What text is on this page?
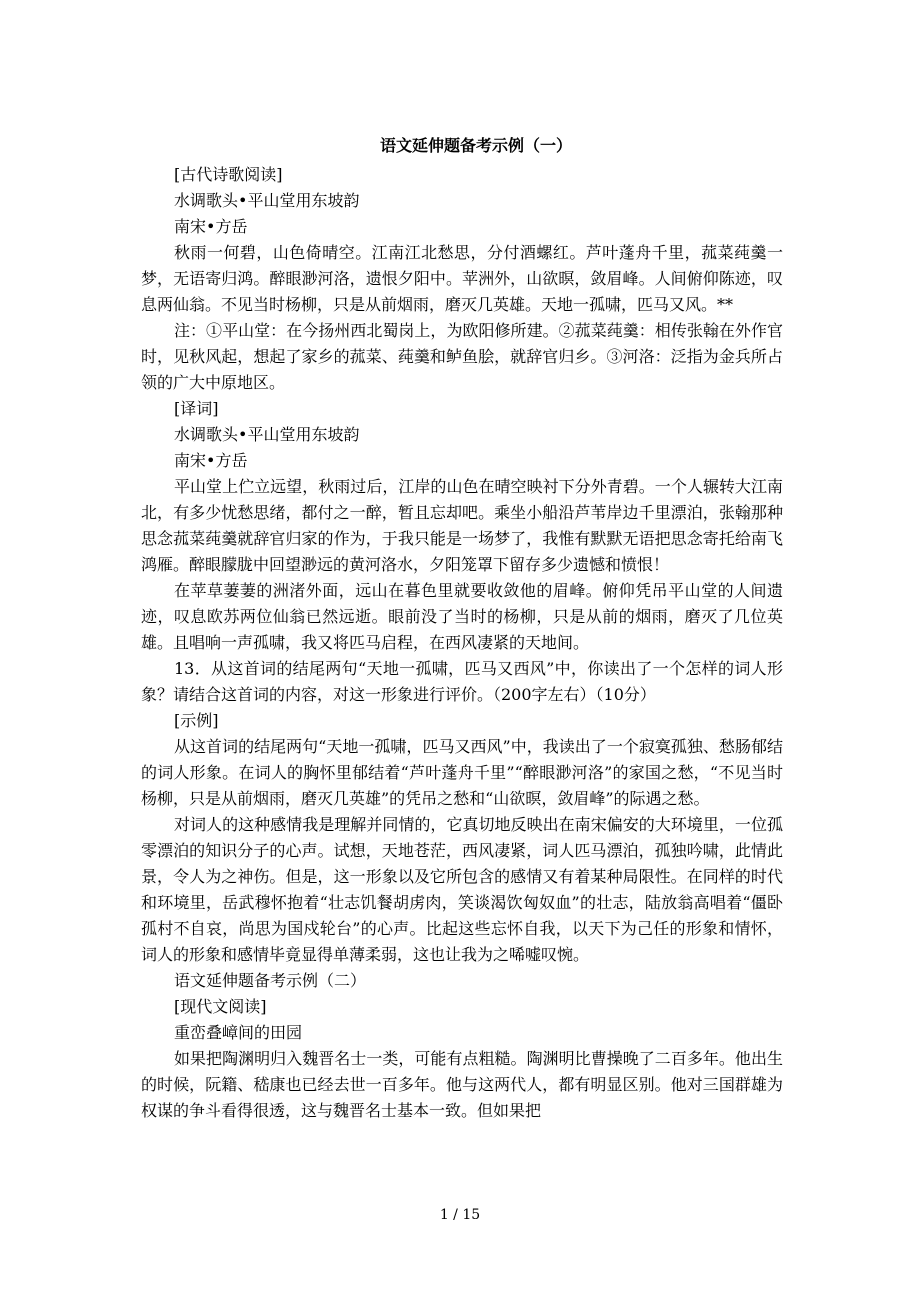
语文延伸题备考示例（一）

[古代诗歌阅读]

水调歌头•平山堂用东坡韵

南宋•方岳

秋雨一何碧，山色倚晴空。江南江北愁思，分付酒螺红。芦叶蓬舟千里，菰菜莼羹一梦，无语寄归鸿。醉眼渺河洛，遗恨夕阳中。苹洲外，山欲暝，敛眉峰。人间俯仰陈迹，叹息两仙翁。不见当时杨柳，只是从前烟雨，磨灭几英雄。天地一孤啸，匹马又风。**

注：①平山堂：在今扬州西北蜀岗上，为欧阳修所建。②菰菜莼羹：相传张翰在外作官时，见秋风起，想起了家乡的菰菜、莼羹和鲈鱼脍，就辞官归乡。③河洛：泛指为金兵所占领的广大中原地区。

[译词]

水调歌头•平山堂用东坡韵

南宋•方岳

平山堂上伫立远望，秋雨过后，江岸的山色在晴空映衬下分外青碧。一个人辗转大江南北，有多少忧愁思绪，都付之一醉，暂且忘却吧。乘坐小船沿芦苇岸边千里漂泊，张翰那种思念菰菜莼羹就辞官归家的作为，于我只能是一场梦了，我惟有默默无语把思念寄托给南飞鸿雁。醉眼朦胧中回望渺远的黄河洛水，夕阳笼罩下留存多少遗憾和愤恨！

在苹草萋萋的洲渚外面，远山在暮色里就要收敛他的眉峰。俯仰凭吊平山堂的人间遗迹，叹息欧苏两位仙翁已然远逝。眼前没了当时的杨柳，只是从前的烟雨，磨灭了几位英雄。且唱响一声孤啸，我又将匹马启程，在西风凄紧的天地间。

13．从这首词的结尾两句“天地一孤啸，匹马又西风”中，你读出了一个怎样的词人形象？请结合这首词的内容，对这一形象进行评价。（200字左右）（10分）

[示例]

从这首词的结尾两句“天地一孤啸，匹马又西风”中，我读出了一个寂寞孤独、愁肠郁结的词人形象。在词人的胸怀里郁结着“芦叶蓬舟千里”“醉眼渺河洛”的家国之愁，“不见当时杨柳，只是从前烟雨，磨灭几英雄”的凭吊之愁和“山欲暝，敛眉峰”的际遇之愁。

对词人的这种感情我是理解并同情的，它真切地反映出在南宋偏安的大环境里，一位孤零漂泊的知识分子的心声。试想，天地苍茫，西风凄紧，词人匹马漂泊，孤独吟啸，此情此景，令人为之神伤。但是，这一形象以及它所包含的感情又有着某种局限性。在同样的时代和环境里，岳武穆怀抱着“壮志饥餐胡虏肉，笑谈渴饮匈奴血”的壮志，陆放翁高唱着“僵卧孤村不自哀，尚思为国戍轮台”的心声。比起这些忘怀自我，以天下为己任的形象和情怀，词人的形象和感情毕竟显得单薄柔弱，这也让我为之唏嘘叹惋。

语文延伸题备考示例（二）

[现代文阅读]

重峦叠嶂间的田园

如果把陶渊明归入魏晋名士一类，可能有点粗糙。陶渊明比曹操晚了二百多年。他出生的时候，阮籍、嵇康也已经去世一百多年。他与这两代人，都有明显区别。他对三国群雄为权谋的争斗看得很透，这与魏晋名士基本一致。但如果把

1 / 15
